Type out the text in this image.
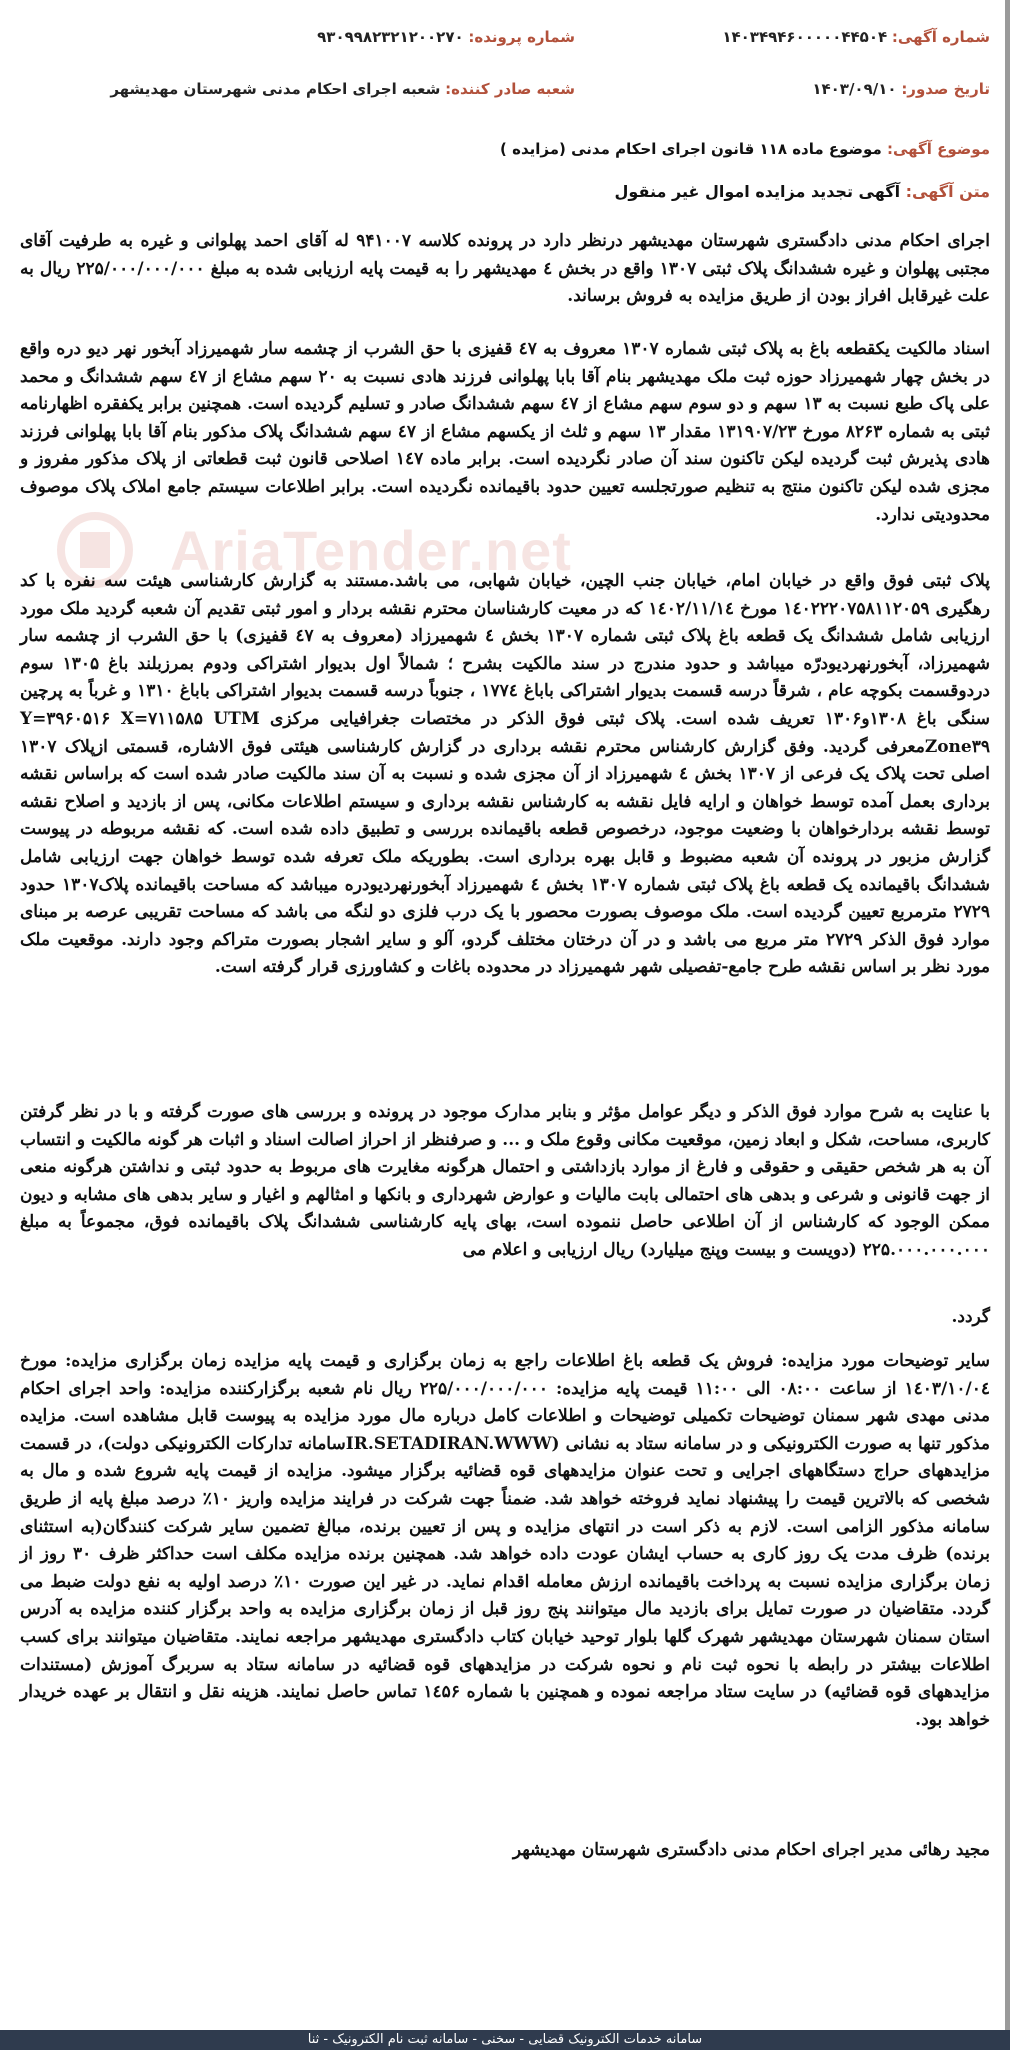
شماره آگهی: ۱۴۰۳۴۹۴۶۰۰۰۰۰۴۴۵۰۴
شماره پرونده: ۹۳۰۹۹۸۲۳۲۱۲۰۰۲۷۰
تاریخ صدور: ۱۴۰۳/۰۹/۱۰
شعبه صادر کننده: شعبه اجرای احکام مدنی شهرستان مهدیشهر
موضوع آگهی: موضوع ماده ۱۱۸ قانون اجرای احکام مدنی (مزایده )
متن آگهی: آگهی تجدید مزایده اموال غیر منقول
AriaTender.net
اجرای احکام مدنی دادگستری شهرستان مهدیشهر درنظر دارد در پرونده کلاسه ۹۴۱۰۰۷ له آقای احمد پهلوانی و غیره به طرفیت آقای مجتبی پهلوان و غیره ششدانگ پلاک ثبتی ۱۳۰۷ واقع در بخش ٤ مهدیشهر را به قیمت پایه ارزیابی شده به مبلغ ۲۲۵/۰۰۰/۰۰۰/۰۰۰ ریال به علت غیرقابل افراز بودن از طریق مزایده به فروش برساند.
اسناد مالکیت یکقطعه باغ به پلاک ثبتی شماره ۱۳۰۷ معروف به ٤۷ قفیزی با حق الشرب از چشمه سار شهمیرزاد آبخور نهر دیو دره واقع در بخش چهار شهمیرزاد حوزه ثبت ملک مهدیشهر بنام آقا بابا پهلوانی فرزند هادی نسبت به ۲۰ سهم مشاع از ٤۷ سهم ششدانگ و محمد علی پاک طبع نسبت به ۱۳ سهم و دو سوم سهم مشاع از ٤۷ سهم ششدانگ صادر و تسلیم گردیده است. همچنین برابر یکفقره اظهارنامه ثبتی به شماره ۸۲۶۳ مورخ ۱۳۱۹۰۷/۲۳ مقدار ۱۳ سهم و ثلث از یکسهم مشاع از ٤۷ سهم ششدانگ پلاک مذکور بنام آقا بابا پهلوانی فرزند هادی پذیرش ثبت گردیده لیکن تاکنون سند آن صادر نگردیده است. برابر ماده ۱٤۷ اصلاحی قانون ثبت قطعاتی از پلاک مذکور مفروز و مجزی شده لیکن تاکنون منتج به تنظیم صورتجلسه تعیین حدود باقیمانده نگردیده است. برابر اطلاعات سیستم جامع املاک پلاک موصوف محدودیتی ندارد.
پلاک ثبتی فوق واقع در خیابان امام، خیابان جنب الچین، خیابان شهابی، می باشد.مستند به گزارش کارشناسی هیئت سه نفره با کد رهگیری ۱٤۰۲۲۲۰۷۵۸۱۱۲۰۵۹ مورخ ۱٤۰۲/۱۱/۱٤ که در معیت کارشناسان محترم نقشه بردار و امور ثبتی تقدیم آن شعبه گردید ملک مورد ارزیابی شامل ششدانگ یک قطعه باغ پلاک ثبتی شماره ۱۳۰۷ بخش ٤ شهمیرزاد (معروف به ٤۷ قفیزی) با حق الشرب از چشمه سار شهمیرزاد، آبخورنهردیودرّه میباشد و حدود مندرج در سند مالکیت بشرح ؛ شمالاً اول بدیوار اشتراکی ودوم بمرزبلند باغ ۱۳۰۵ سوم دردوقسمت بکوچه عام ، شرقاً درسه قسمت بدیوار اشتراکی باباغ ۱۷۷٤ ، جنوباً درسه قسمت بدیوار اشتراکی باباغ ۱۳۱۰ و غرباً به پرچین سنگی باغ ۱۳۰۸و۱۳۰۶ تعریف شده است. پلاک ثبتی فوق الذکر در مختصات جغرافیایی مرکزی Y=۳۹۶۰۵۱۶ X=۷۱۱۵۸۵ UTM Zone۳۹معرفی گردید. وفق گزارش کارشناس محترم نقشه برداری در گزارش کارشناسی هیئتی فوق الاشاره، قسمتی ازپلاک ۱۳۰۷ اصلی تحت پلاک یک فرعی از ۱۳۰۷ بخش ٤ شهمیرزاد از آن مجزی شده و نسبت به آن سند مالکیت صادر شده است که براساس نقشه برداری بعمل آمده توسط خواهان و ارایه فایل نقشه به کارشناس نقشه برداری و سیستم اطلاعات مکانی، پس از بازدید و اصلاح نقشه توسط نقشه بردارخواهان با وضعیت موجود، درخصوص قطعه باقیمانده بررسی و تطبیق داده شده است. که نقشه مربوطه در پیوست گزارش مزبور در پرونده آن شعبه مضبوط و قابل بهره برداری است. بطوریکه ملک تعرفه شده توسط خواهان جهت ارزیابی شامل ششدانگ باقیمانده یک قطعه باغ پلاک ثبتی شماره ۱۳۰۷ بخش ٤ شهمیرزاد آبخورنهردیودره میباشد که مساحت باقیمانده پلاک۱۳۰۷ حدود ۲۷۲۹ مترمربع تعیین گردیده است. ملک موصوف بصورت محصور با یک درب فلزی دو لنگه می باشد که مساحت تقریبی عرصه بر مبنای موارد فوق الذکر ۲۷۲۹ متر مربع می باشد و در آن درختان مختلف گردو، آلو و سایر اشجار بصورت متراکم وجود دارند. موقعیت ملک مورد نظر بر اساس نقشه طرح جامع-تفصیلی شهر شهمیرزاد در محدوده باغات و کشاورزی قرار گرفته است.
با عنایت به شرح موارد فوق الذکر و دیگر عوامل مؤثر و بنابر مدارک موجود در پرونده و بررسی های صورت گرفته و با در نظر گرفتن کاربری، مساحت، شکل و ابعاد زمین، موقعیت مکانی وقوع ملک و ... و صرفنظر از احراز اصالت اسناد و اثبات هر گونه مالکیت و انتساب آن به هر شخص حقیقی و حقوقی و فارغ از موارد بازداشتی و احتمال هرگونه مغایرت های مربوط به حدود ثبتی و نداشتن هرگونه منعی از جهت قانونی و شرعی و بدهی های احتمالی بابت مالیات و عوارض شهرداری و بانکها و امثالهم و اغیار و سایر بدهی های مشابه و دیون ممکن الوجود که کارشناس از آن اطلاعی حاصل ننموده است، بهای پایه کارشناسی ششدانگ پلاک باقیمانده فوق، مجموعاً به مبلغ ۲۲۵.۰۰۰.۰۰۰.۰۰۰ (دویست و بیست وپنج میلیارد) ریال ارزیابی و اعلام می
گردد.
سایر توضیحات مورد مزایده: فروش یک قطعه باغ اطلاعات راجع به زمان برگزاری و قیمت پایه مزایده زمان برگزاری مزایده: مورخ ۱٤۰۳/۱۰/۰٤ از ساعت ۰۸:۰۰ الی ۱۱:۰۰ قیمت پایه مزایده: ۲۲۵/۰۰۰/۰۰۰/۰۰۰ ریال نام شعبه برگزارکننده مزایده: واحد اجرای احکام مدنی مهدی شهر سمنان توضیحات تکمیلی توضیحات و اطلاعات کامل درباره مال مورد مزایده به پیوست قابل مشاهده است. مزایده مذکور تنها به صورت الکترونیکی و در سامانه ستاد به نشانی (IR.SETADIRAN.WWWسامانه تدارکات الکترونیکی دولت)، در قسمت مزایدههای حراج دستگاههای اجرایی و تحت عنوان مزایدههای قوه قضائیه برگزار میشود. مزایده از قیمت پایه شروع شده و مال به شخصی که بالاترین قیمت را پیشنهاد نماید فروخته خواهد شد. ضمناً جهت شرکت در فرایند مزایده واریز ۱۰٪ درصد مبلغ پایه از طریق سامانه مذکور الزامی است. لازم به ذکر است در انتهای مزایده و پس از تعیین برنده، مبالغ تضمین سایر شرکت کنندگان(به استثنای برنده) ظرف مدت یک روز کاری به حساب ایشان عودت داده خواهد شد. همچنین برنده مزایده مکلف است حداکثر ظرف ۳۰ روز از زمان برگزاری مزایده نسبت به پرداخت باقیمانده ارزش معامله اقدام نماید. در غیر این صورت ۱۰٪ درصد اولیه به نفع دولت ضبط می گردد. متقاضیان در صورت تمایل برای بازدید مال میتوانند پنج روز قبل از زمان برگزاری مزایده به واحد برگزار کننده مزایده به آدرس استان سمنان شهرستان مهدیشهر شهرک گلها بلوار توحید خیابان کتاب دادگستری مهدیشهر مراجعه نمایند. متقاضیان میتوانند برای کسب اطلاعات بیشتر در رابطه با نحوه ثبت نام و نحوه شرکت در مزایدههای قوه قضائیه در سامانه ستاد به سربرگ آموزش (مستندات مزایدههای قوه قضائیه) در سایت ستاد مراجعه نموده و همچنین با شماره ۱٤۵۶ تماس حاصل نمایند. هزینه نقل و انتقال بر عهده خریدار خواهد بود.
مجید رهائی مدیر اجرای احکام مدنی دادگستری شهرستان مهدیشهر
سامانه خدمات الکترونیک قضایی - سخنی - سامانه ثبت نام الکترونیک - ثنا
